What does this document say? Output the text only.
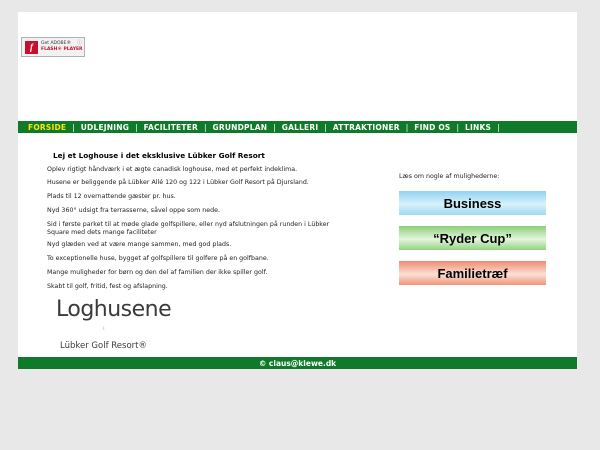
f	Get ADOBE®
FLASH® PLAYER
ⓘ
FORSIDE | UDLEJNING | FACILITETER | GRUNDPLAN | GALLERI | ATTRAKTIONER | FIND OS | LINKS |
Lej et Loghouse i det eksklusive Lübker Golf Resort

Oplev rigtigt håndværk i et ægte canadisk loghouse, med et perfekt indeklima.

Husene er beliggende på Lübker Allé 120 og 122 i Lübker Golf Resort på Djursland.

Plads til 12 overnattende gæster pr. hus.

Nyd 360° udsigt fra terrasserne, såvel oppe som nede.

Sid i første parket til at møde glade golfspillere, eller nyd afslutningen på runden i Lübker Square med dets mange faciliteter

Nyd glæden ved at være mange sammen, med god plads.

To exceptionelle huse, bygget af golfspillere til golfere på en golfbane.

Mange muligheder for børn og den del af familien der ikke spiller golf.

Skabt til golf, fritid, fest og afslapning.

Loghusene
ı
Lübker Golf Resort®
Læs om nogle af mulighederne:
Business
“Ryder Cup”
Familietræf
© claus@klewe.dk
